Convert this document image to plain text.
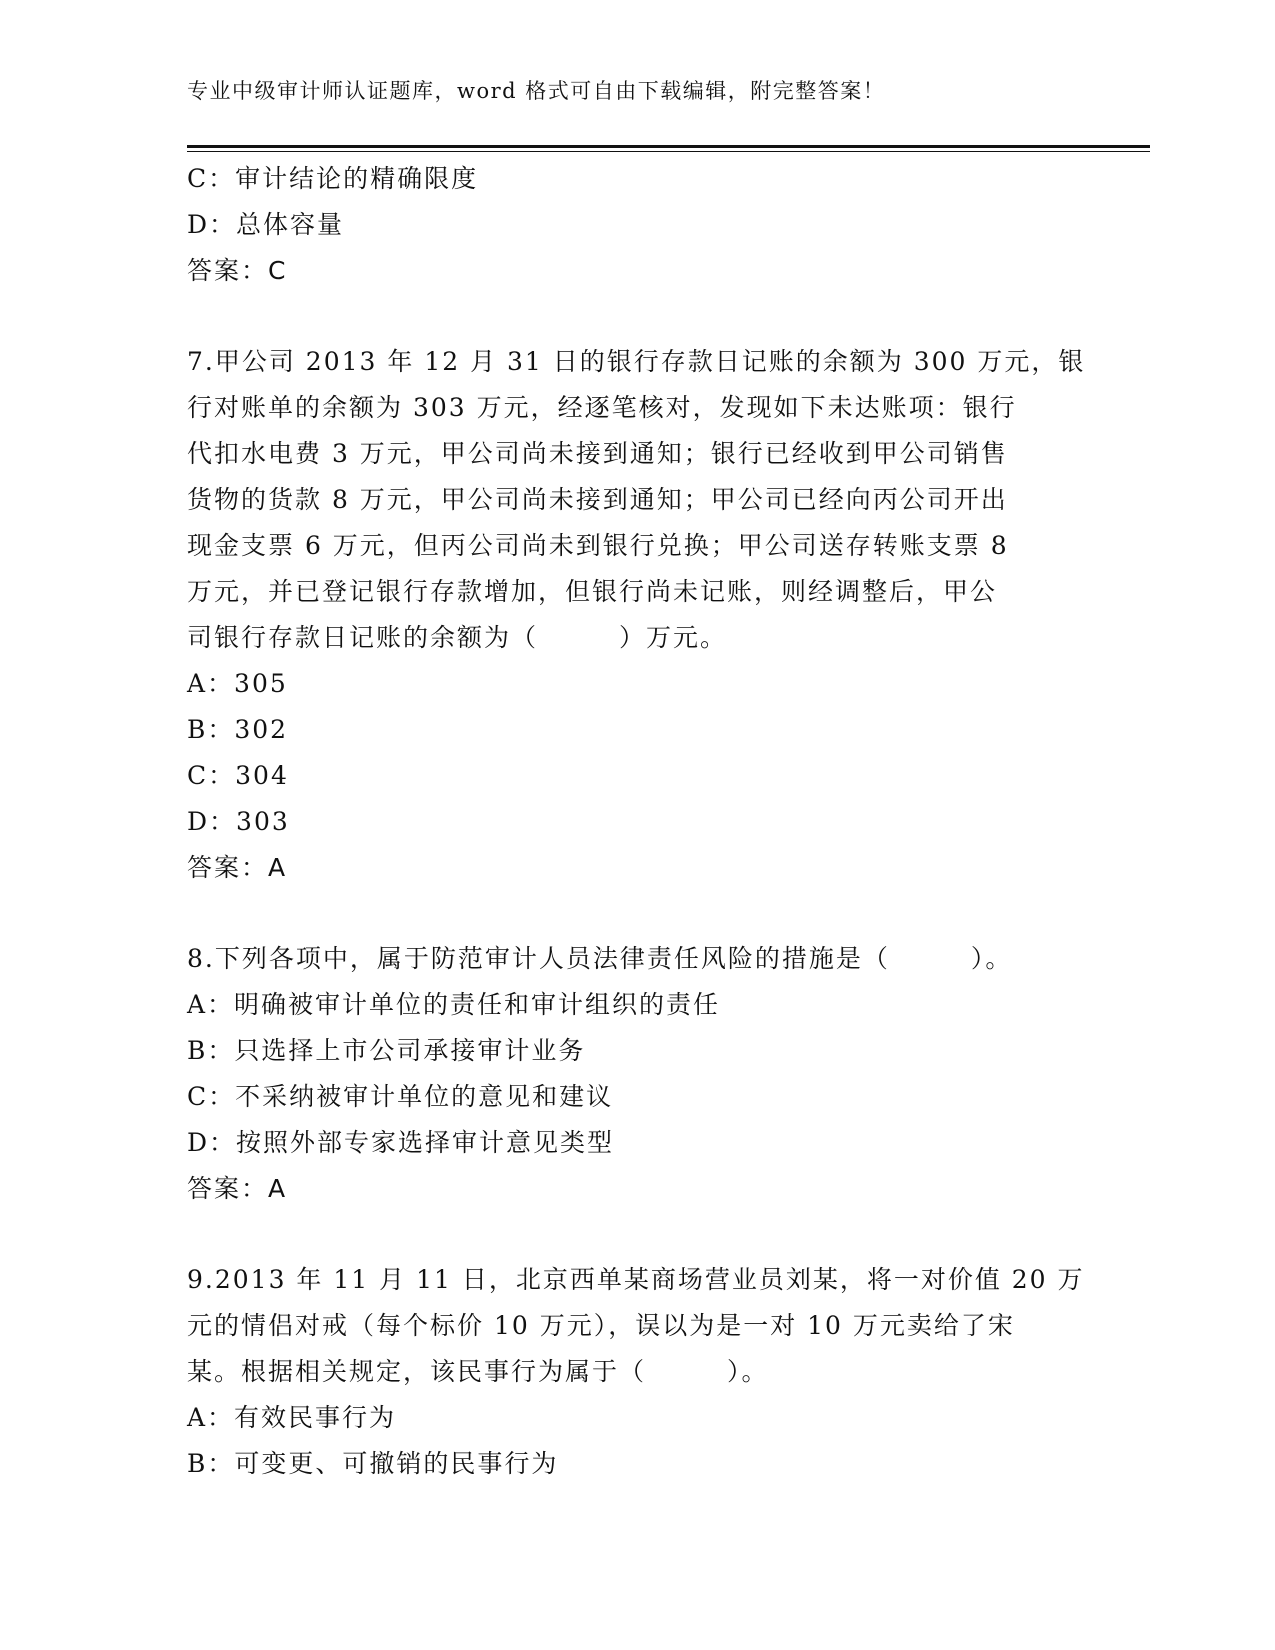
专业中级审计师认证题库，word 格式可自由下载编辑，附完整答案！
C：审计结论的精确限度
D：总体容量
答案：C
7.甲公司 2013 年 12 月 31 日的银行存款日记账的余额为 300 万元，银
行对账单的余额为 303 万元，经逐笔核对，发现如下未达账项：银行
代扣水电费 3 万元，甲公司尚未接到通知；银行已经收到甲公司销售
货物的货款 8 万元，甲公司尚未接到通知；甲公司已经向丙公司开出
现金支票 6 万元，但丙公司尚未到银行兑换；甲公司送存转账支票 8
万元，并已登记银行存款增加，但银行尚未记账，则经调整后，甲公
司银行存款日记账的余额为（　　　）万元。
A：305
B：302
C：304
D：303
答案：A
8.下列各项中，属于防范审计人员法律责任风险的措施是（　　　）。
A：明确被审计单位的责任和审计组织的责任
B：只选择上市公司承接审计业务
C：不采纳被审计单位的意见和建议
D：按照外部专家选择审计意见类型
答案：A
9.2013 年 11 月 11 日，北京西单某商场营业员刘某，将一对价值 20 万
元的情侣对戒（每个标价 10 万元），误以为是一对 10 万元卖给了宋
某。根据相关规定，该民事行为属于（　　　）。
A：有效民事行为
B：可变更、可撤销的民事行为
